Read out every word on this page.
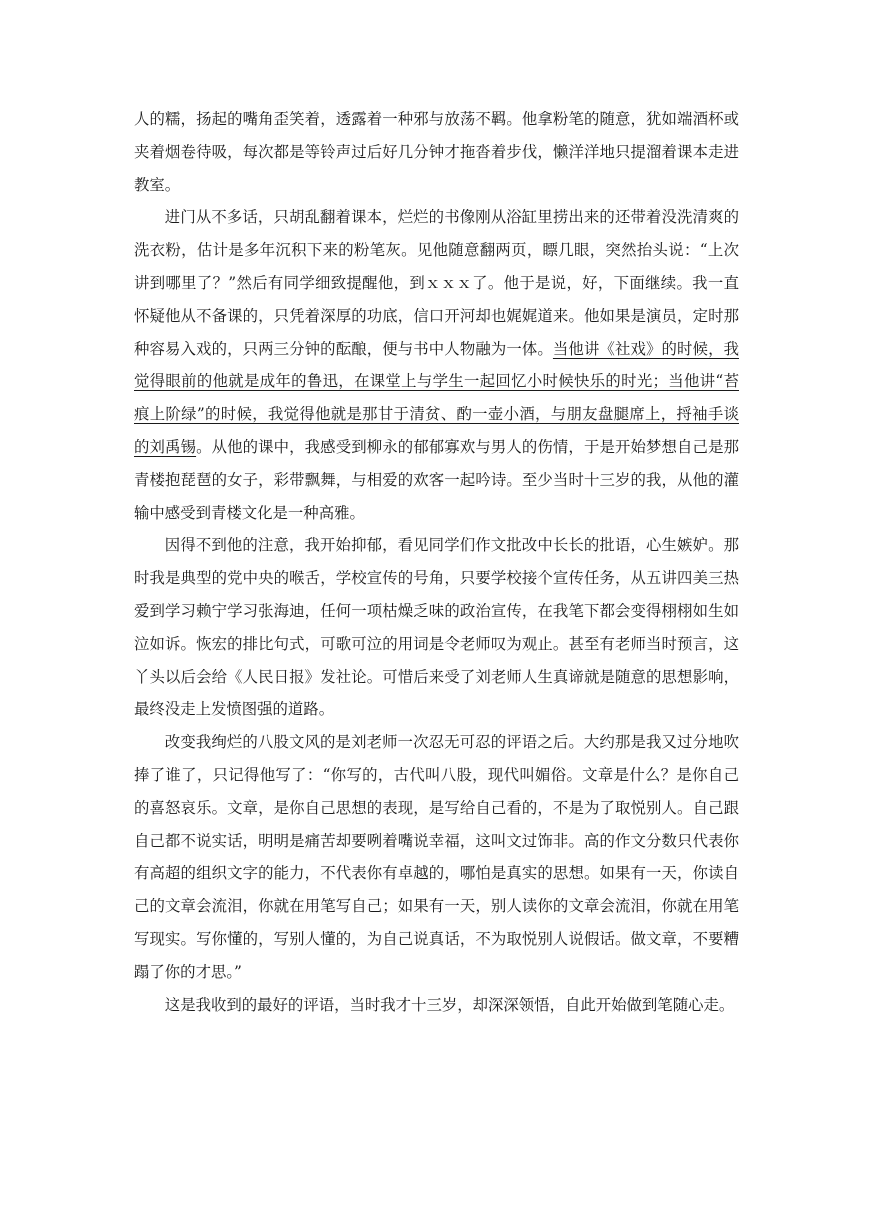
人的糯，扬起的嘴角歪笑着，透露着一种邪与放荡不羁。他拿粉笔的随意，犹如端酒杯或夹着烟卷待吸，每次都是等铃声过后好几分钟才拖沓着步伐，懒洋洋地只提溜着课本走进教室。

进门从不多话，只胡乱翻着课本，烂烂的书像刚从浴缸里捞出来的还带着没洗清爽的洗衣粉，估计是多年沉积下来的粉笔灰。见他随意翻两页，瞟几眼，突然抬头说：“上次讲到哪里了？”然后有同学细致提醒他，到ｘｘｘ了。他于是说，好，下面继续。我一直怀疑他从不备课的，只凭着深厚的功底，信口开河却也娓娓道来。他如果是演员，定时那种容易入戏的，只两三分钟的酝酿，便与书中人物融为一体。当他讲《社戏》的时候，我觉得眼前的他就是成年的鲁迅，在课堂上与学生一起回忆小时候快乐的时光；当他讲“苔痕上阶绿”的时候，我觉得他就是那甘于清贫、酌一壶小酒，与朋友盘腿席上，捋袖手谈的刘禹锡。从他的课中，我感受到柳永的郁郁寡欢与男人的伤情，于是开始梦想自己是那青楼抱琵琶的女子，彩带飘舞，与相爱的欢客一起吟诗。至少当时十三岁的我，从他的灌输中感受到青楼文化是一种高雅。

因得不到他的注意，我开始抑郁，看见同学们作文批改中长长的批语，心生嫉妒。那时我是典型的党中央的喉舌，学校宣传的号角，只要学校接个宣传任务，从五讲四美三热爱到学习赖宁学习张海迪，任何一项枯燥乏味的政治宣传，在我笔下都会变得栩栩如生如泣如诉。恢宏的排比句式，可歌可泣的用词是令老师叹为观止。甚至有老师当时预言，这丫头以后会给《人民日报》发社论。可惜后来受了刘老师人生真谛就是随意的思想影响，最终没走上发愤图强的道路。

改变我绚烂的八股文风的是刘老师一次忍无可忍的评语之后。大约那是我又过分地吹捧了谁了，只记得他写了：“你写的，古代叫八股，现代叫媚俗。文章是什么？是你自己的喜怒哀乐。文章，是你自己思想的表现，是写给自己看的，不是为了取悦别人。自己跟自己都不说实话，明明是痛苦却要咧着嘴说幸福，这叫文过饰非。高的作文分数只代表你有高超的组织文字的能力，不代表你有卓越的，哪怕是真实的思想。如果有一天，你读自己的文章会流泪，你就在用笔写自己；如果有一天，别人读你的文章会流泪，你就在用笔写现实。写你懂的，写别人懂的，为自己说真话，不为取悦别人说假话。做文章，不要糟蹋了你的才思。”

这是我收到的最好的评语，当时我才十三岁，却深深领悟，自此开始做到笔随心走。
